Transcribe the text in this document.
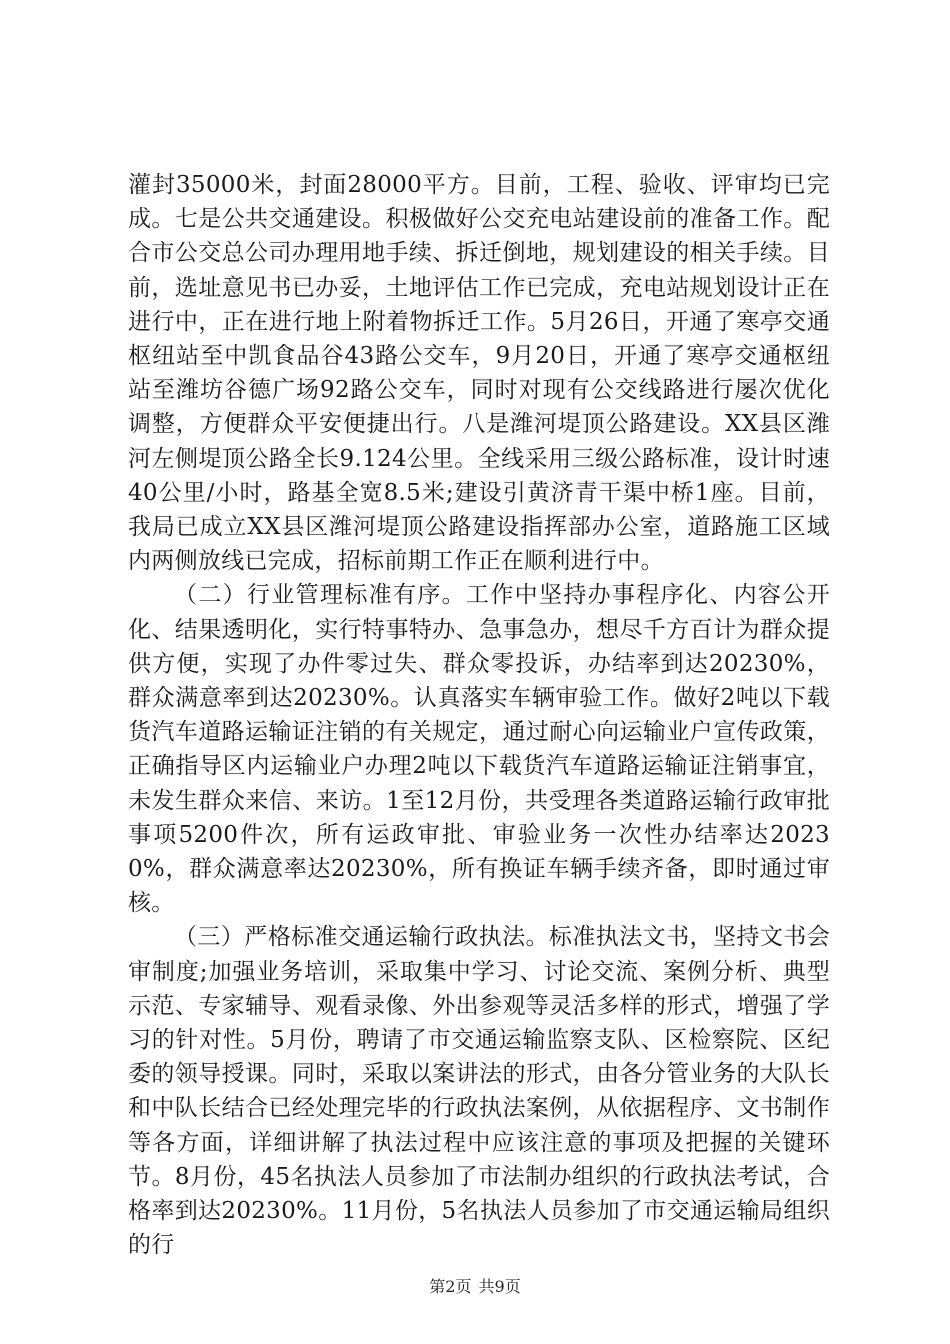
灌封35000米，封面28000平方。目前，工程、验收、评审均已完成。七是公共交通建设。积极做好公交充电站建设前的准备工作。配合市公交总公司办理用地手续、拆迁倒地，规划建设的相关手续。目前，选址意见书已办妥，土地评估工作已完成，充电站规划设计正在进行中，正在进行地上附着物拆迁工作。5月26日，开通了寒亭交通枢纽站至中凯食品谷43路公交车，9月20日，开通了寒亭交通枢纽站至潍坊谷德广场92路公交车，同时对现有公交线路进行屡次优化调整，方便群众平安便捷出行。八是潍河堤顶公路建设。XX县区潍河左侧堤顶公路全长9.124公里。全线采用三级公路标准，设计时速40公里/小时，路基全宽8.5米;建设引黄济青干渠中桥1座。目前，我局已成立XX县区潍河堤顶公路建设指挥部办公室，道路施工区域内两侧放线已完成，招标前期工作正在顺利进行中。

（二）行业管理标准有序。工作中坚持办事程序化、内容公开化、结果透明化，实行特事特办、急事急办，想尽千方百计为群众提供方便，实现了办件零过失、群众零投诉，办结率到达20230%，群众满意率到达20230%。认真落实车辆审验工作。做好2吨以下载货汽车道路运输证注销的有关规定，通过耐心向运输业户宣传政策，正确指导区内运输业户办理2吨以下载货汽车道路运输证注销事宜，未发生群众来信、来访。1至12月份，共受理各类道路运输行政审批事项5200件次，所有运政审批、审验业务一次性办结率达20230%，群众满意率达20230%，所有换证车辆手续齐备，即时通过审核。

（三）严格标准交通运输行政执法。标准执法文书，坚持文书会审制度;加强业务培训，采取集中学习、讨论交流、案例分析、典型示范、专家辅导、观看录像、外出参观等灵活多样的形式，增强了学习的针对性。5月份，聘请了市交通运输监察支队、区检察院、区纪委的领导授课。同时，采取以案讲法的形式，由各分管业务的大队长和中队长结合已经处理完毕的行政执法案例，从依据程序、文书制作等各方面，详细讲解了执法过程中应该注意的事项及把握的关键环节。8月份，45名执法人员参加了市法制办组织的行政执法考试，合格率到达20230%。11月份，5名执法人员参加了市交通运输局组织的行

第2页 共9页
